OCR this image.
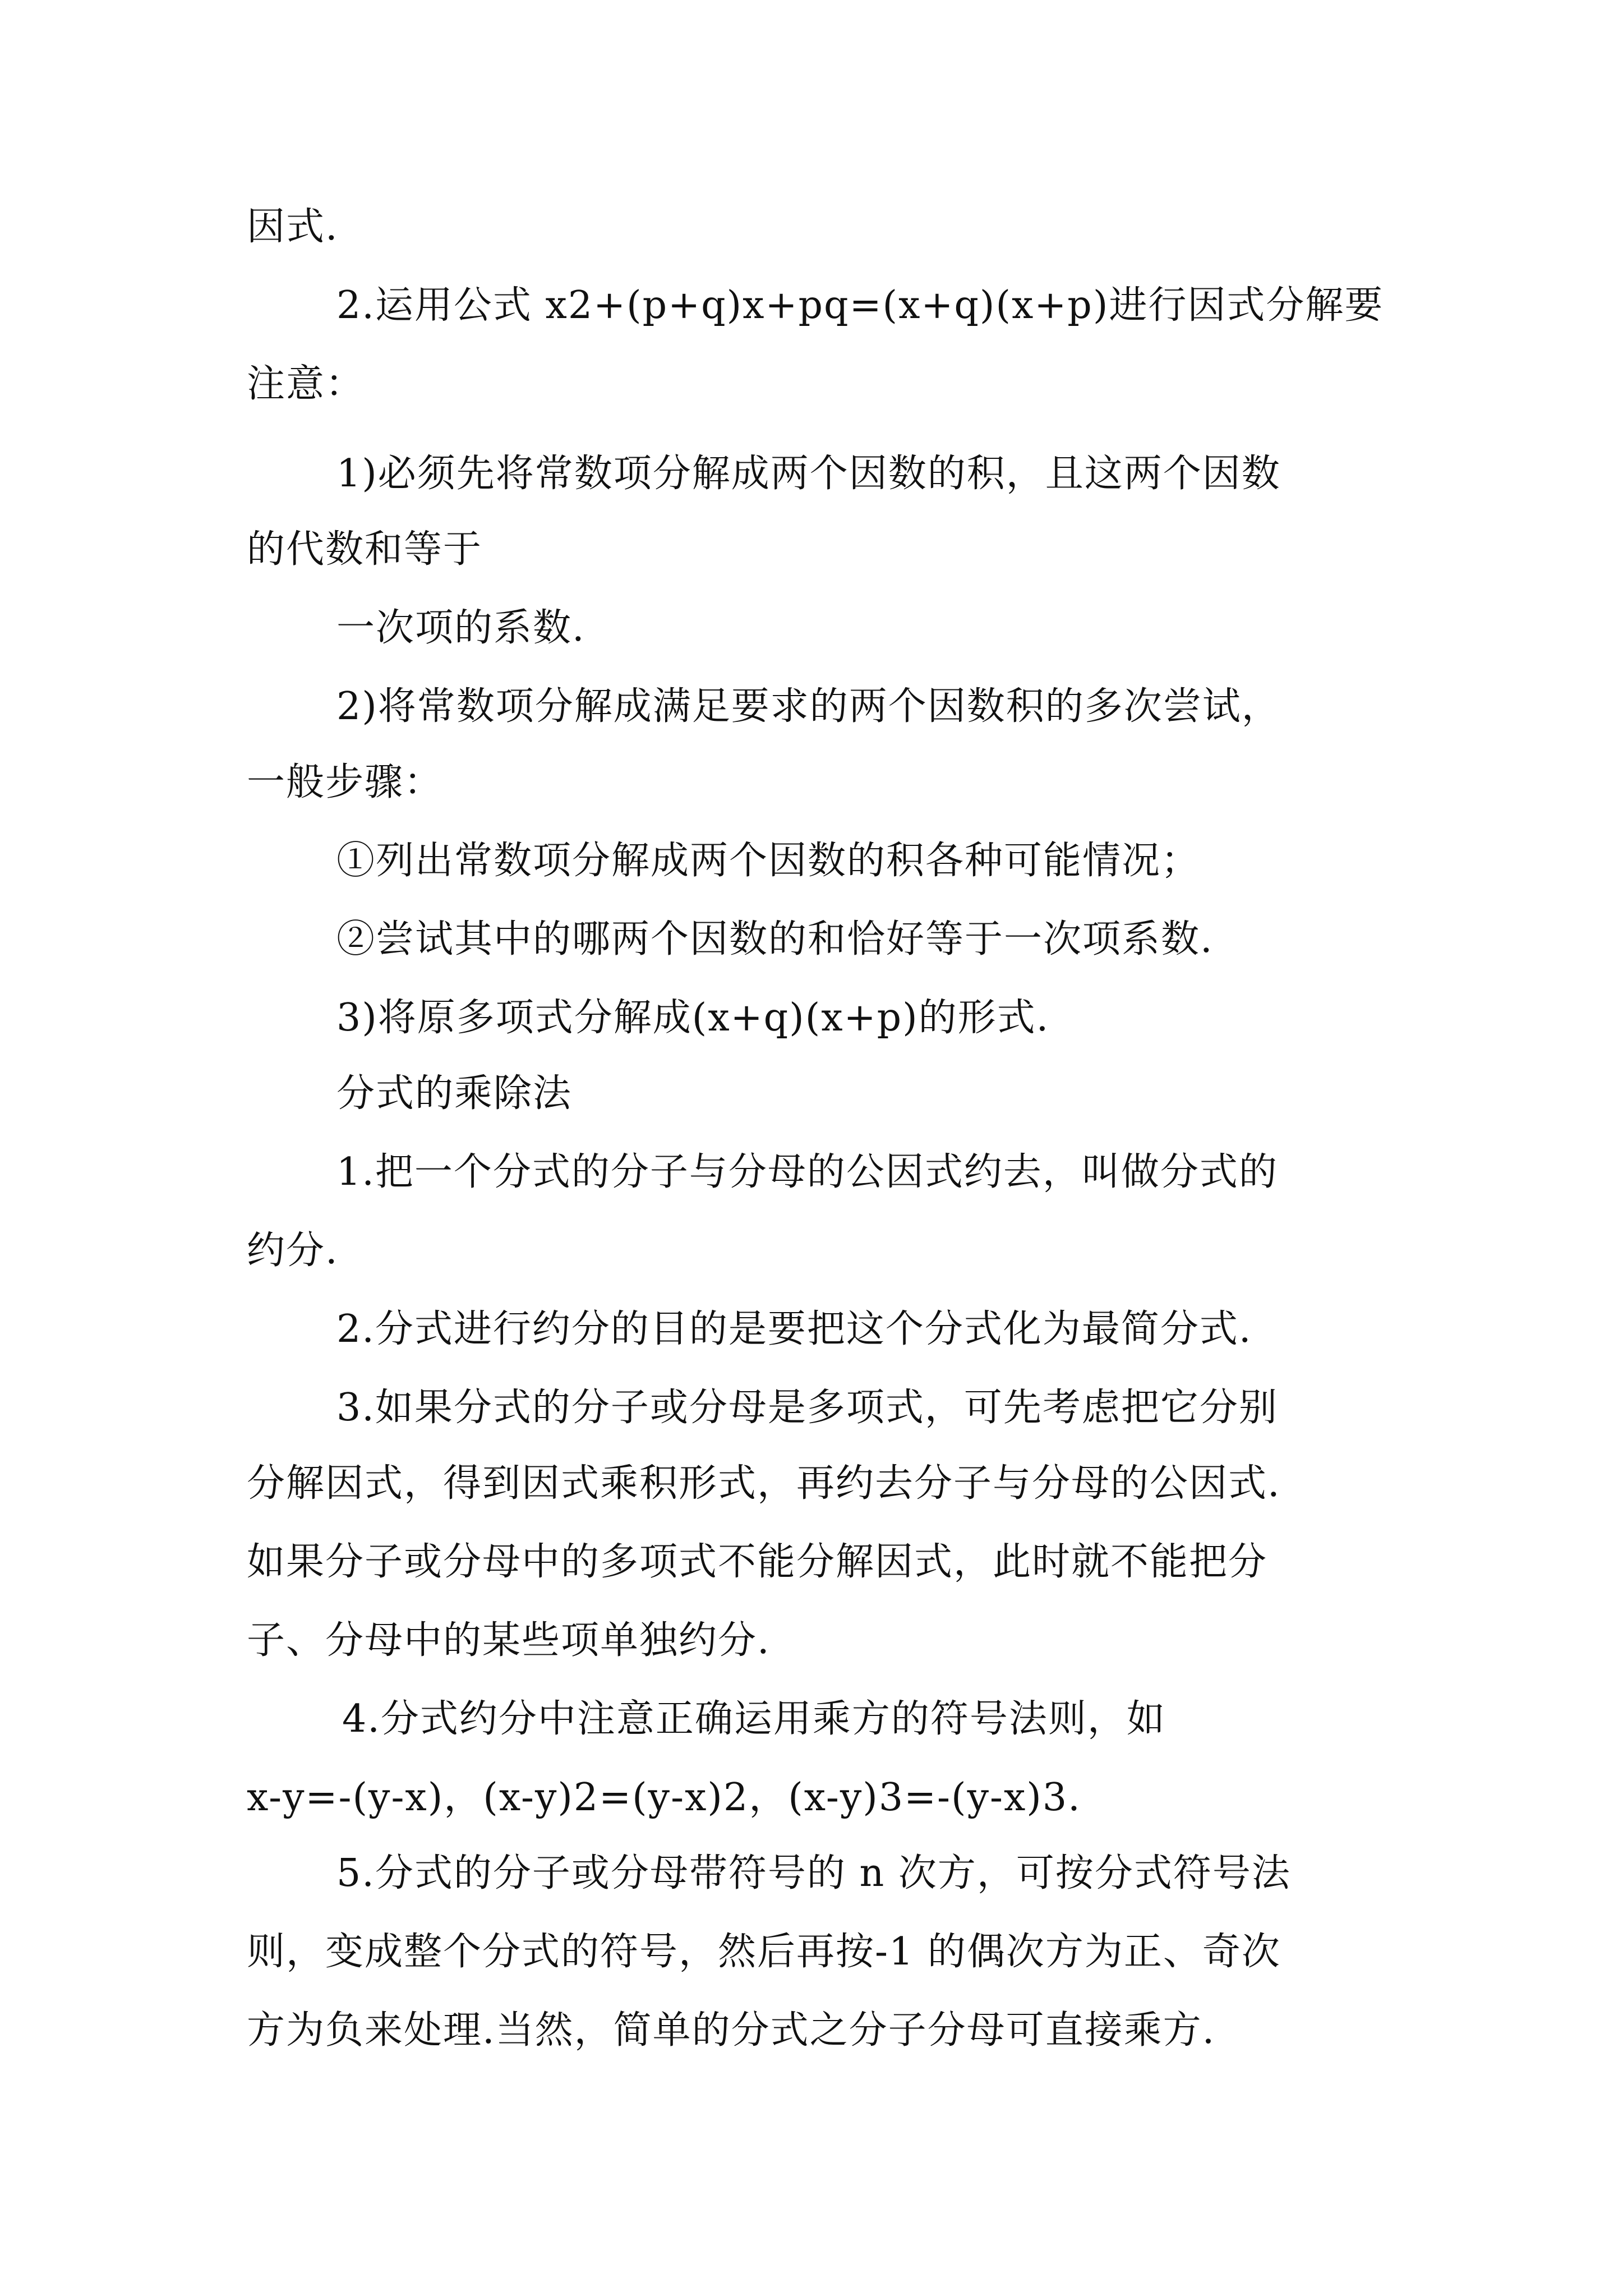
因式.
2.运用公式 x2+(p+q)x+pq=(x+q)(x+p)进行因式分解要
注意：
1)必须先将常数项分解成两个因数的积，且这两个因数
的代数和等于
一次项的系数.
2)将常数项分解成满足要求的两个因数积的多次尝试，
一般步骤：
①列出常数项分解成两个因数的积各种可能情况；
②尝试其中的哪两个因数的和恰好等于一次项系数.
3)将原多项式分解成(x+q)(x+p)的形式.
分式的乘除法
1.把一个分式的分子与分母的公因式约去，叫做分式的
约分.
2.分式进行约分的目的是要把这个分式化为最简分式.
3.如果分式的分子或分母是多项式，可先考虑把它分别
分解因式，得到因式乘积形式，再约去分子与分母的公因式.
如果分子或分母中的多项式不能分解因式，此时就不能把分
子、分母中的某些项单独约分.
4.分式约分中注意正确运用乘方的符号法则，如
x-y=-(y-x)，(x-y)2=(y-x)2，(x-y)3=-(y-x)3.
5.分式的分子或分母带符号的 n 次方，可按分式符号法
则，变成整个分式的符号，然后再按-1 的偶次方为正、奇次
方为负来处理.当然，简单的分式之分子分母可直接乘方.
